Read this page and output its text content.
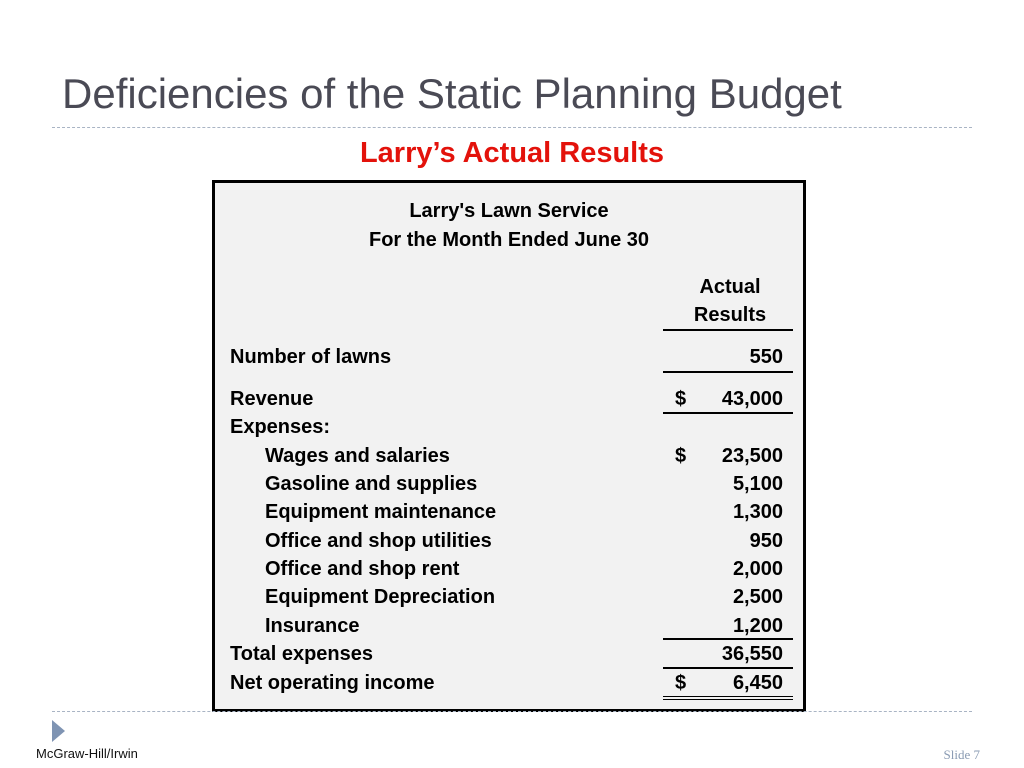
Deficiencies of the Static Planning Budget
Larry’s Actual Results
Larry's Lawn Service
For the Month Ended June 30
Actual
Results
Number of lawns	550
Revenue	$	43,000
Expenses:
Wages and salaries	$	23,500
Gasoline and supplies	5,100
Equipment maintenance	1,300
Office and shop utilities	950
Office and shop rent	2,000
Equipment Depreciation	2,500
Insurance	1,200
Total expenses	36,550
Net operating income	$	6,450
McGraw-Hill/Irwin	Slide 7
